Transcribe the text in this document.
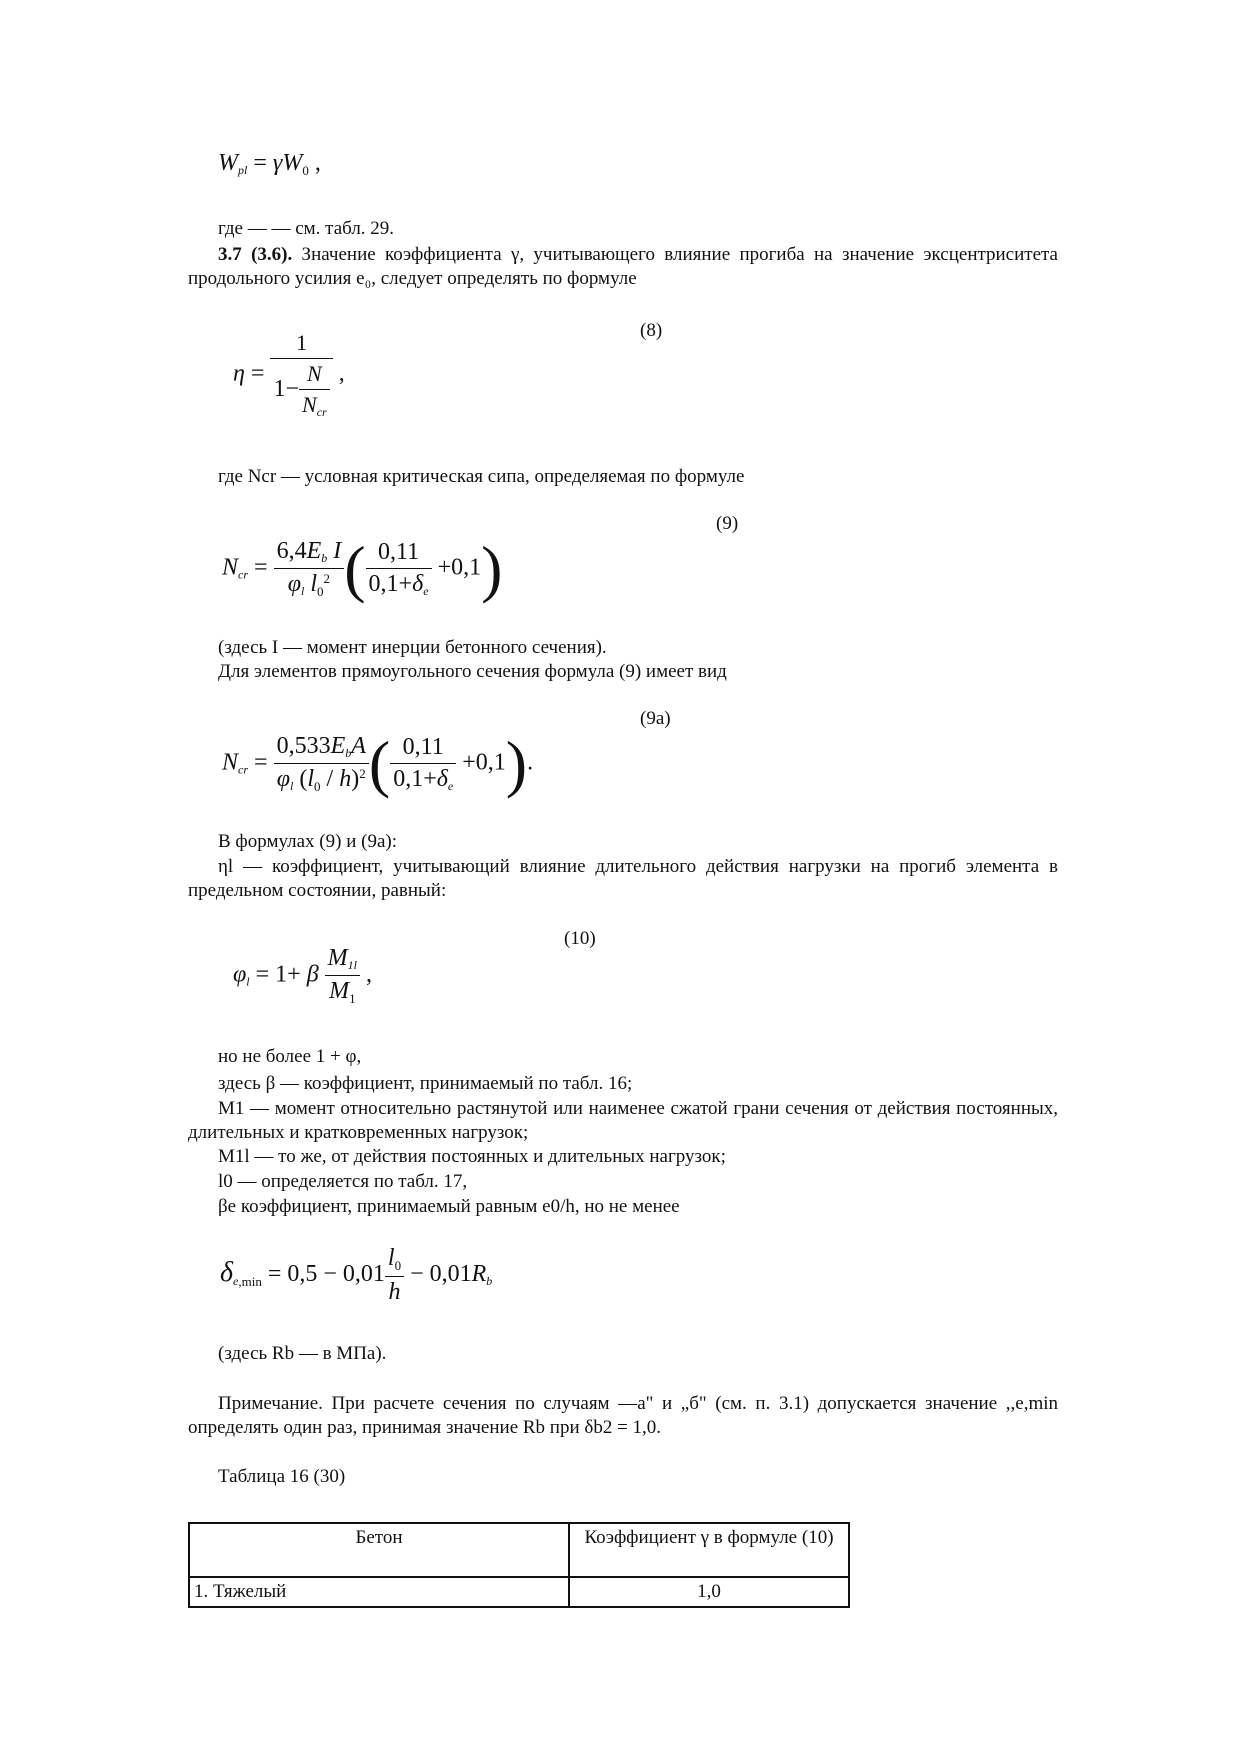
Wpl = $\gamma W_0$ ,
где ― — см. табл. 29.
3.7 (3.6). Значение коэффициента γ, учитывающего влияние прогиба на значение эксцентриситета продольного усилия e₀, следует определять по формуле
(8)
$\eta = \frac{1}{1- \frac{N}{\text{Ncr}}}$ ,
где Ncr — условная критическая сипа, определяемая по формуле
(9)
Ncr = $\frac{\text{6,4Eb I}}{\varphi l l_0^2}$ ( $\frac{0,11}{0,1+\delta e} +0,1$)
(здесь I — момент инерции бетонного сечения).
Для элементов прямоугольного сечения формула (9) имеет вид
(9а)
Ncr = $\frac{\text{0,533EbA}}{\varphi l (l_0 / h)^2}$ ( $\frac{0,11}{0,1+\delta e} +0,1$).
В формулах (9) и (9а):
ηl — коэффициент, учитывающий влияние длительного действия нагрузки на прогиб элемента в предельном состоянии, равный:
(10)
φl = 1+ β $\frac{M1l}{M_1}$ ,
но не более 1 + φ,
здесь β — коэффициент, принимаемый по табл. 16;
M1 — момент относительно растянутой или наименее сжатой грани сечения от действия постоянных, длительных и кратковременных нагрузок;
M1l — то же, от действия постоянных и длительных нагрузок;
l0 — определяется по табл. 17,
βe коэффициент, принимаемый равным e0/h, но не менее
$\delta e_{,min} = 0,5 - 0,01 \frac{l_0}{h} - 0,01Rb$
(здесь Rb ― в МПа).
Примечание. При расчете сечения по случаям ―а" и „б" (см. п. 3.1) допускается значение ,,e,min определять один раз, принимая значение Rb при δb2 = 1,0.
Таблица 16 (30)
Бетон	Коэффициент γ в формуле (10)
1. Тяжелый	1,0
